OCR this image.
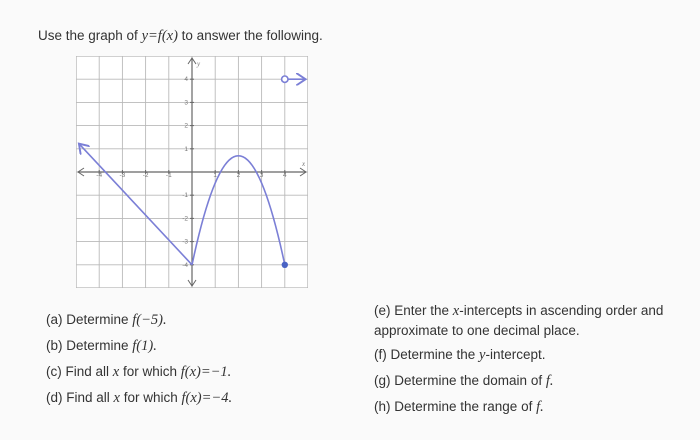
Use the graph of y=f(x) to answer the following.
-4	-3	-2	-1	1	2	3	4
4
3
2
1
-1
-2
-3
-4
x
y
(a) Determine f(−5).
(b) Determine f(1).
(c) Find all x for which f(x)=−1.
(d) Find all x for which f(x)=−4.
(e) Enter the x-intercepts in ascending order and
approximate to one decimal place.
(f) Determine the y-intercept.
(g) Determine the domain of f.
(h) Determine the range of f.
